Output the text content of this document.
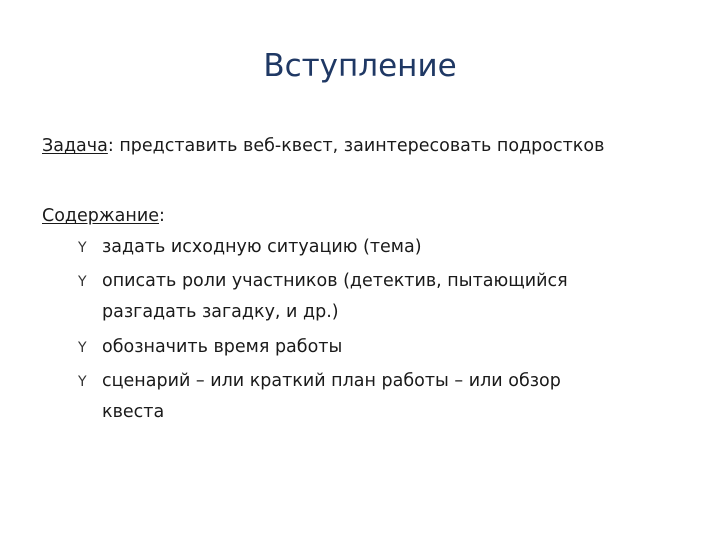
Вступление
Задача: представить веб-квест, заинтересовать подростков
Содержание:
Y задать исходную ситуацию (тема)
Y описать роли участников (детектив, пытающийся
разгадать загадку, и др.)
Y обозначить время работы
Y сценарий – или краткий план работы – или обзор
квеста
